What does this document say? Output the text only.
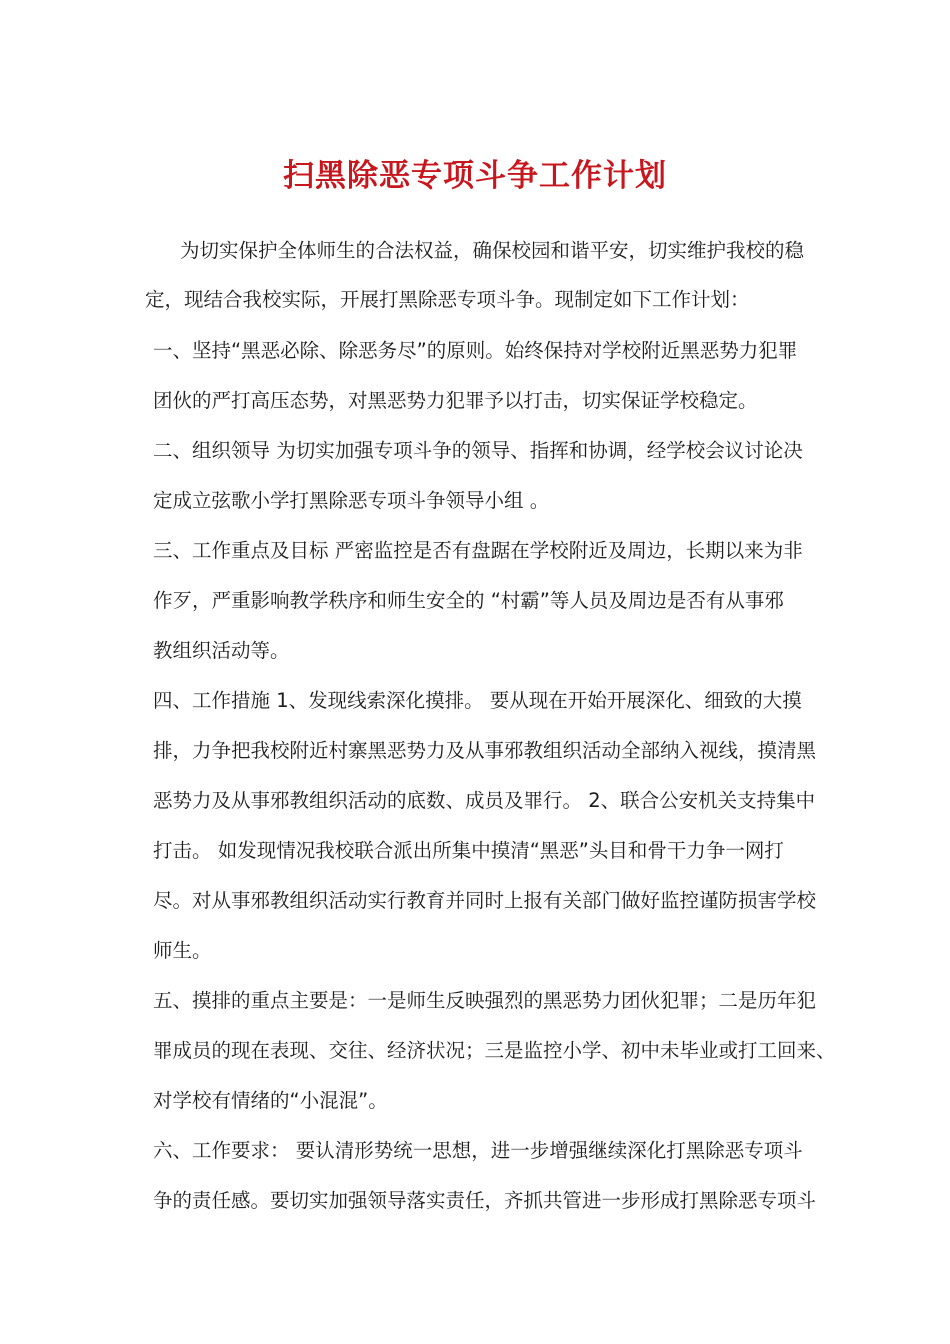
扫黑除恶专项斗争工作计划
为切实保护全体师生的合法权益，确保校园和谐平安，切实维护我校的稳
定，现结合我校实际，开展打黑除恶专项斗争。现制定如下工作计划：
一、坚持“黑恶必除、除恶务尽”的原则。始终保持对学校附近黑恶势力犯罪
团伙的严打高压态势，对黑恶势力犯罪予以打击，切实保证学校稳定。
二、组织领导 为切实加强专项斗争的领导、指挥和协调，经学校会议讨论决
定成立弦歌小学打黑除恶专项斗争领导小组 。
三、工作重点及目标 严密监控是否有盘踞在学校附近及周边，长期以来为非
作歹，严重影响教学秩序和师生安全的 “村霸”等人员及周边是否有从事邪
教组织活动等。
四、工作措施 1、发现线索深化摸排。 要从现在开始开展深化、细致的大摸
排，力争把我校附近村寨黑恶势力及从事邪教组织活动全部纳入视线，摸清黑
恶势力及从事邪教组织活动的底数、成员及罪行。 2、联合公安机关支持集中
打击。 如发现情况我校联合派出所集中摸清“黑恶”头目和骨干力争一网打
尽。对从事邪教组织活动实行教育并同时上报有关部门做好监控谨防损害学校
师生。
五、摸排的重点主要是：一是师生反映强烈的黑恶势力团伙犯罪；二是历年犯
罪成员的现在表现、交往、经济状况；三是监控小学、初中未毕业或打工回来、
对学校有情绪的“小混混”。
六、工作要求： 要认清形势统一思想，进一步增强继续深化打黑除恶专项斗
争的责任感。要切实加强领导落实责任，齐抓共管进一步形成打黑除恶专项斗
